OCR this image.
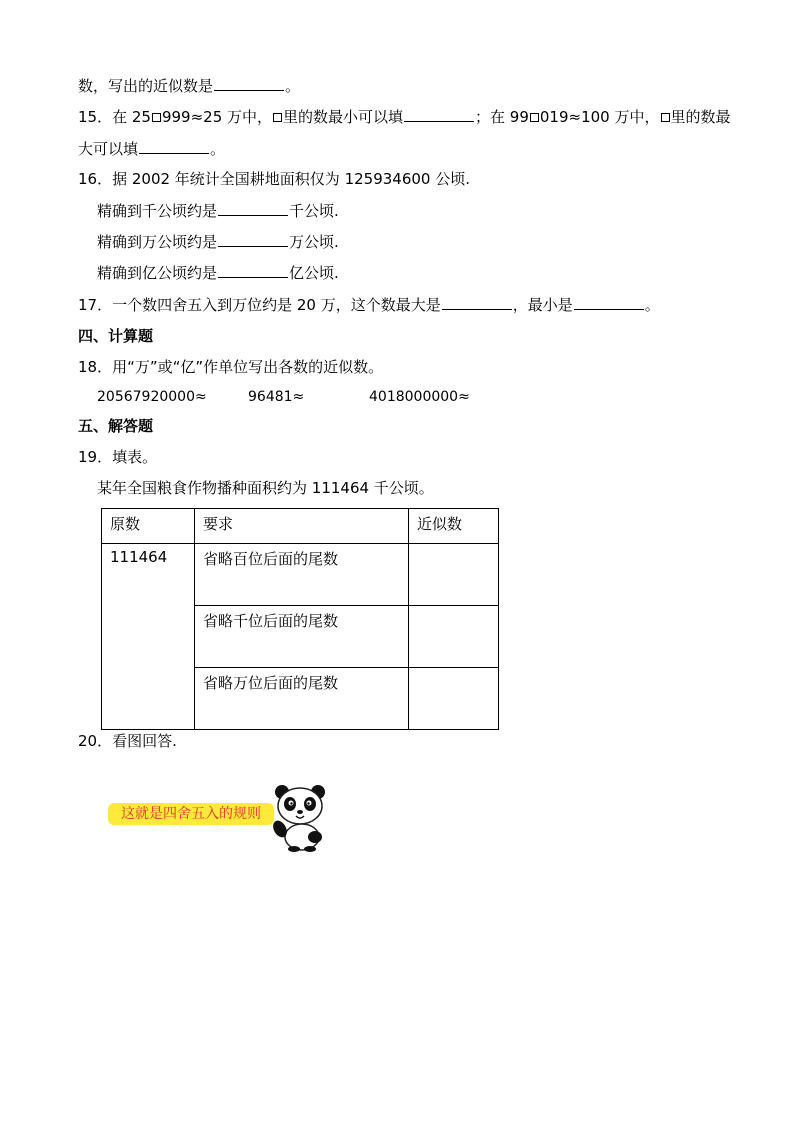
数，写出的近似数是	。
15．在 25 999≈25 万中， 里的数最小可以填	；在 99 019≈100 万中， 里的数最
大可以填	。
16．据 2002 年统计全国耕地面积仅为 125934600 公顷.
精确到千公顷约是	千公顷.
精确到万公顷约是	万公顷.
精确到亿公顷约是	亿公顷.
17．一个数四舍五入到万位约是 20 万，这个数最大是	，最小是	。
四、计算题
18．用“万”或“亿”作单位写出各数的近似数。
20567920000≈	96481≈	4018000000≈
五、解答题
19．填表。
某年全国粮食作物播种面积约为 111464 千公顷。
原数	要求	近似数
111464	省略百位后面的尾数	
	省略千位后面的尾数	
	省略万位后面的尾数	
20．看图回答.
这就是四舍五入的规则
